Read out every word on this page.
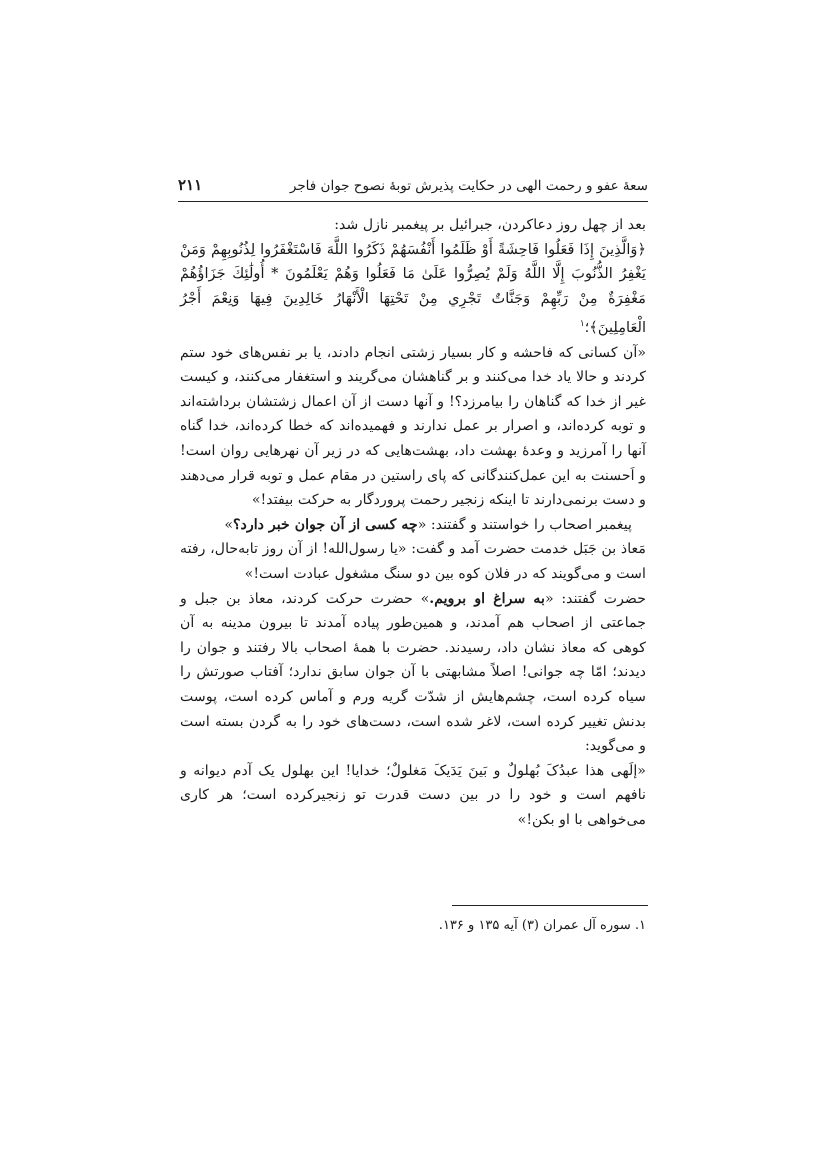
سعهٔ عفو و رحمت الهی در حکایت پذیرش توبهٔ نصوح جوان فاجر
۲۱۱

بعد از چهل روز دعاکردن، جبرائیل بر پیغمبر نازل شد:

﴿وَالَّذِينَ إِذَا فَعَلُوا فَاحِشَةً أَوْ ظَلَمُوا أَنْفُسَهُمْ ذَكَرُوا اللَّهَ فَاسْتَغْفَرُوا لِذُنُوبِهِمْ وَمَنْ يَغْفِرُ الذُّنُوبَ إِلَّا اللَّهُ وَلَمْ يُصِرُّوا عَلَىٰ مَا فَعَلُوا وَهُمْ يَعْلَمُونَ * أُولَٰئِكَ جَزَاؤُهُمْ مَغْفِرَةٌ مِنْ رَبِّهِمْ وَجَنَّاتٌ تَجْرِي مِنْ تَحْتِهَا الْأَنْهَارُ خَالِدِينَ فِيهَا وَنِعْمَ أَجْرُ الْعَامِلِينَ﴾؛$^۱$

«آن کسانی که فاحشه و کار بسیار زشتی انجام دادند، یا بر نفس‌های خود ستم کردند و حالا یاد خدا می‌کنند و بر گناهشان می‌گریند و استغفار می‌کنند، و کیست غیر از خدا که گناهان را بیامرزد؟! و آنها دست از آن اعمال زشتشان برداشته‌اند و توبه کرده‌اند، و اصرار بر عمل ندارند و فهمیده‌اند که خطا کرده‌اند، خدا گناه آنها را آمرزید و وعدهٔ بهشت داد، بهشت‌هایی که در زیر آن نهرهایی روان است! و اَحسنت به این عمل‌کنندگانی که پای راستین در مقام عمل و توبه قرار می‌دهند و دست برنمی‌دارند تا اینکه زنجیر رحمت پروردگار به حرکت بیفتد!»

پیغمبر اصحاب را خواستند و گفتند: «چه کسی از آن جوان خبر دارد؟»

مَعاذ بن جَبَل خدمت حضرت آمد و گفت: «یا رسول‌الله! از آن روز تابه‌حال، رفته است و می‌گویند که در فلان کوه بین دو سنگ مشغول عبادت است!»

حضرت گفتند: «به سراغ او برویم.» حضرت حرکت کردند، معاذ بن جبل و جماعتی از اصحاب هم آمدند، و همین‌طور پیاده آمدند تا بیرون مدینه به آن کوهی که معاذ نشان داد، رسیدند. حضرت با همهٔ اصحاب بالا رفتند و جوان را دیدند؛ امّا چه جوانی! اصلاً مشابهتی با آن جوان سابق ندارد؛ آفتاب صورتش را سیاه کرده است، چشم‌هایش از شدّت گریه ورم و آماس کرده است، پوست بدنش تغییر کرده است، لاغر شده است، دست‌های خود را به گردن بسته است و می‌گوید:

«إلَهی هذا عبدُکَ بُهلولٌ و بَینَ یَدَیکَ مَغلولٌ؛ خدایا! این بهلول یک آدم دیوانه و نافهم است و خود را در بین دست قدرت تو زنجیرکرده است؛ هر کاری می‌خواهی با او بکن!»

۱. سوره آل عمران (۳) آیه ۱۳۵ و ۱۳۶.
